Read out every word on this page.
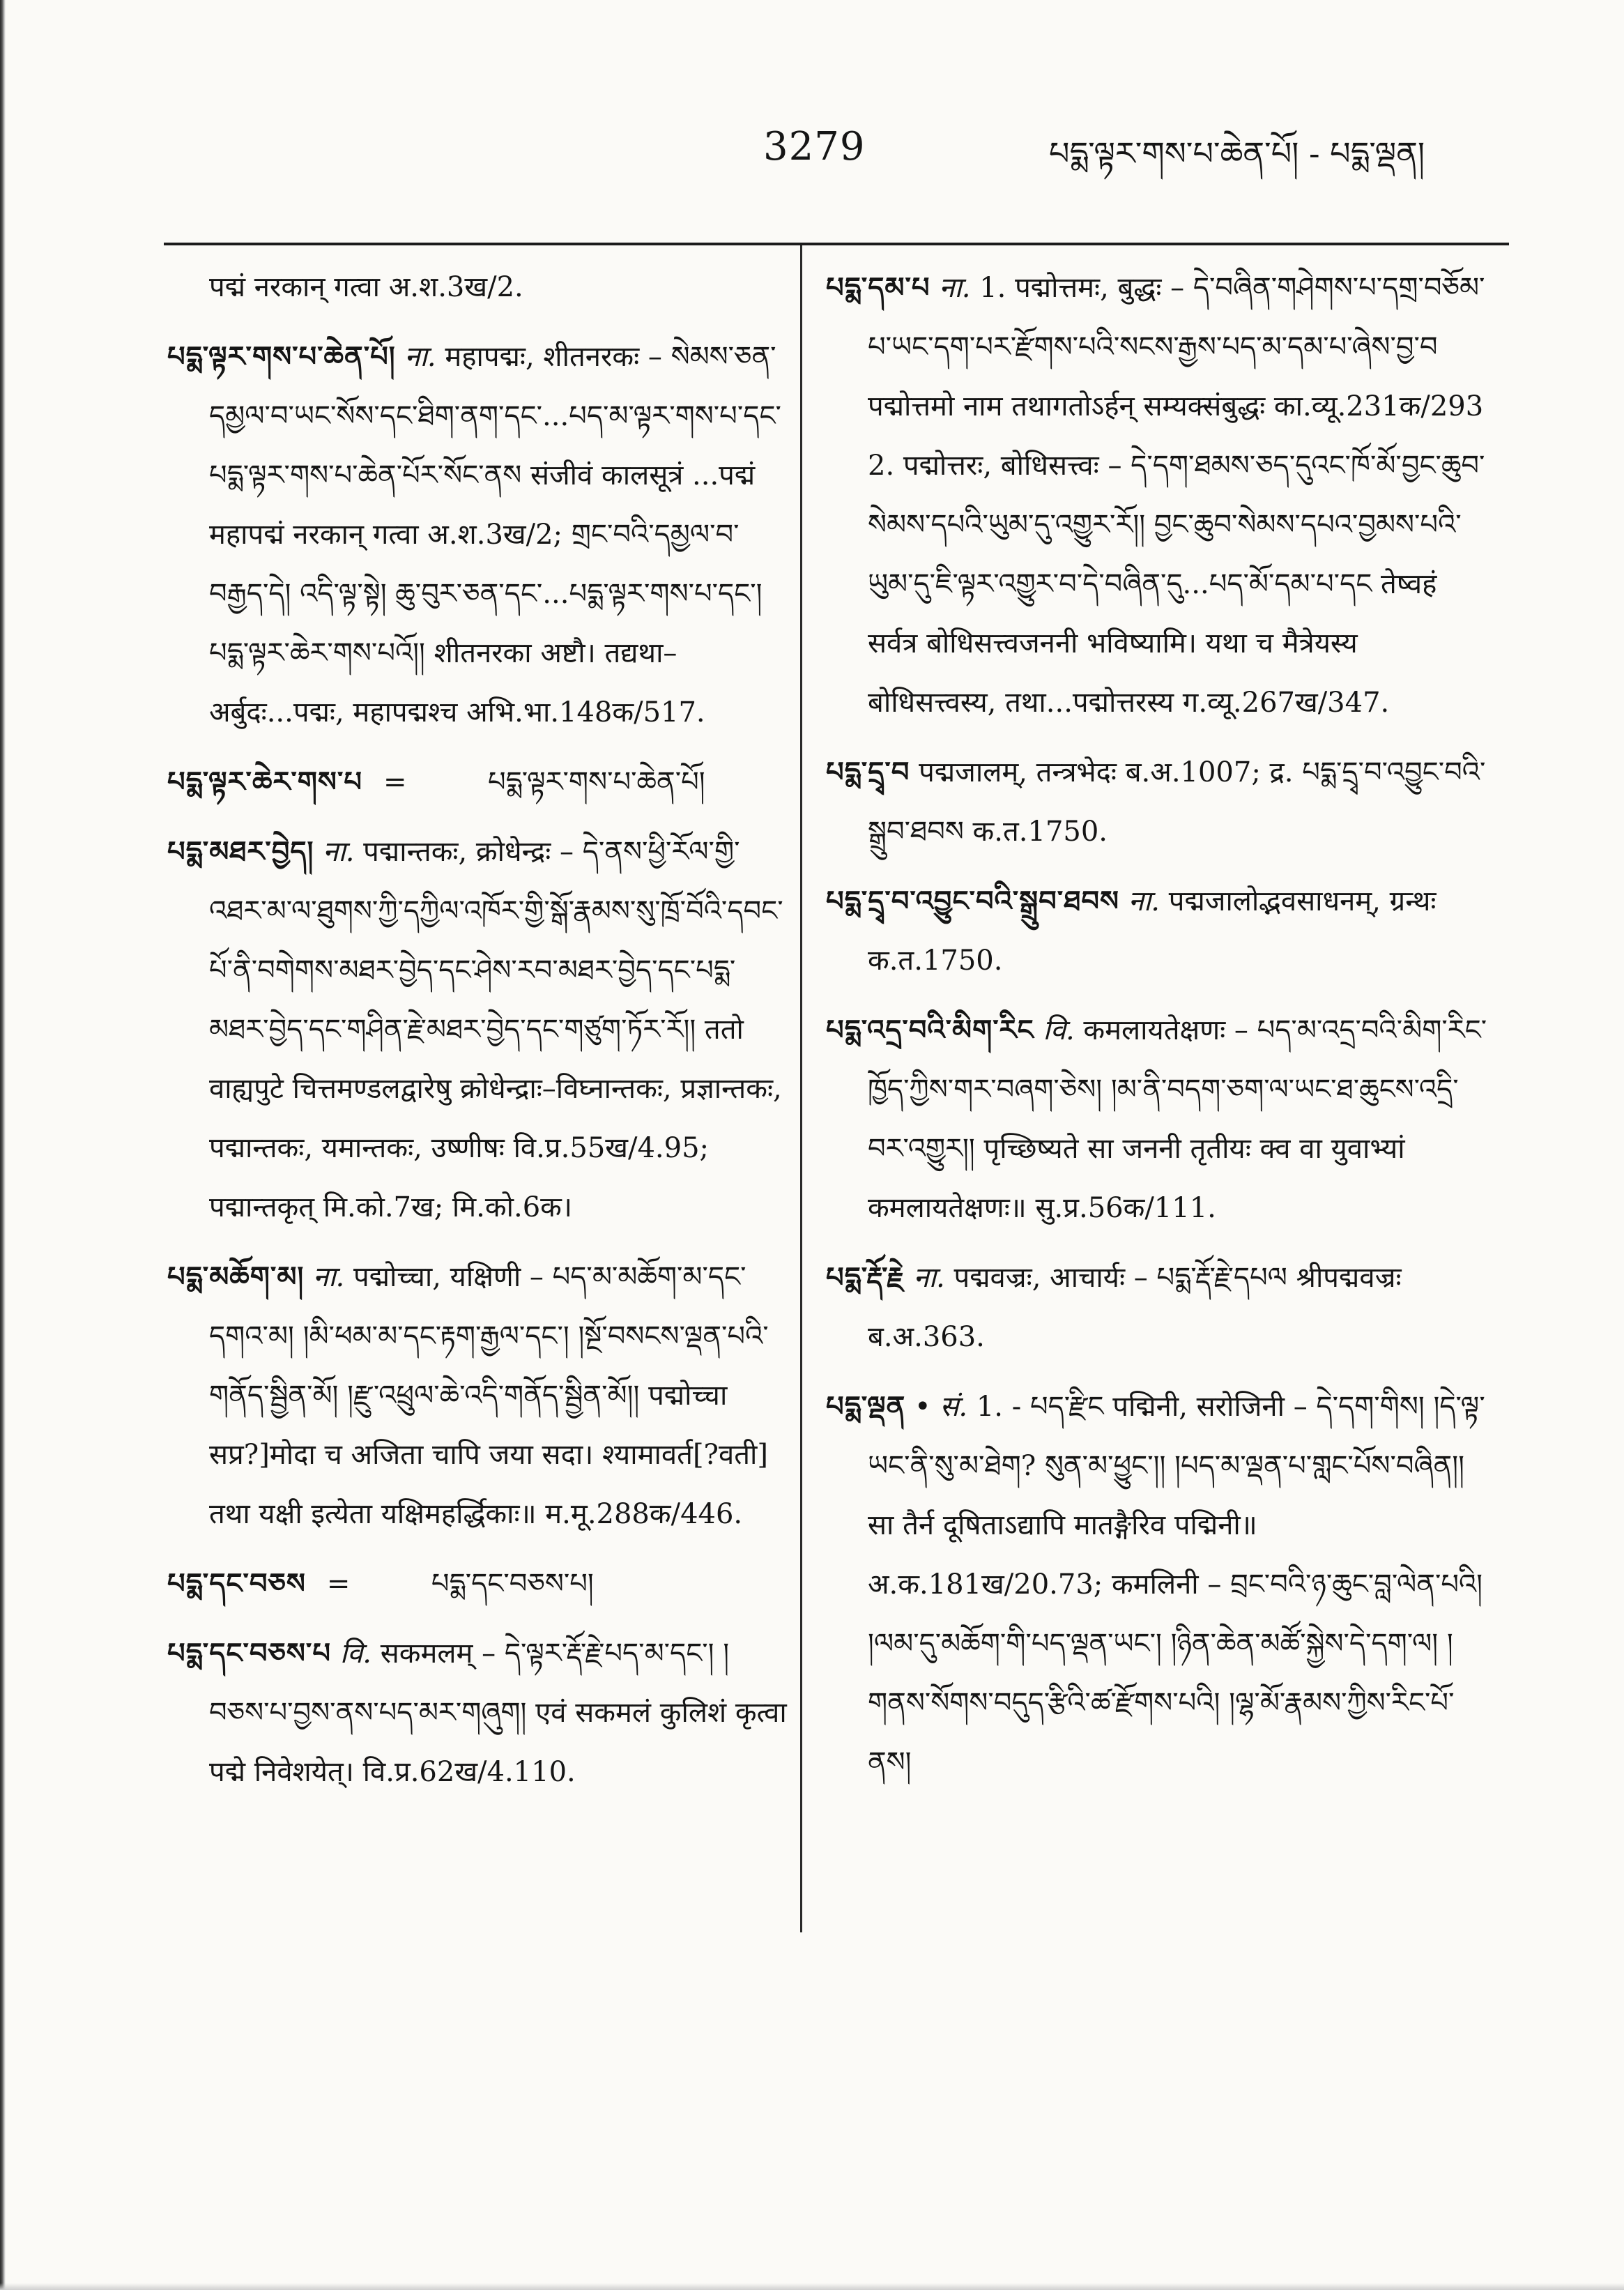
3279	པདྨ་ལྟར་གས་པ་ཆེན་པོ། - པདྨ་ལྡན།
पद्मं नरकान् गत्वा अ.श.3ख/2.
པདྨ་ལྟར་གས་པ་ཆེན་པོ། ना. महापद्मः, शीतनरकः – སེམས་ཅན་དམྱལ་བ་ཡང་སོས་དང་ཐིག་ནག་དང་...པད་མ་ལྟར་གས་པ་དང་པདྨ་ལྟར་གས་པ་ཆེན་པོར་སོང་ནས संजीवं कालसूत्रं ...पद्मं महापद्मं नरकान् गत्वा अ.श.3ख/2; གྲང་བའི་དམྱལ་བ་བརྒྱད་དེ། འདི་ལྟ་སྟེ། ཆུ་བུར་ཅན་དང་...པདྨ་ལྟར་གས་པ་དང་། པདྨ་ལྟར་ཆེར་གས་པའོ།། शीतनरका अष्टौ। तद्यथा–अर्बुदः...पद्मः, महापद्मश्च अभि.भा.148क/517.
པདྨ་ལྟར་ཆེར་གས་པ =	པདྨ་ལྟར་གས་པ་ཆེན་པོ།
པདྨ་མཐར་བྱེད། ना. पद्मान्तकः, क्रोधेन्द्रः – དེ་ནས་ཕྱི་རོལ་གྱི་འཐར་མ་ལ་ཐུགས་ཀྱི་དཀྱིལ་འཁོར་གྱི་སྒོ་རྣམས་སུ་ཁྲོ་བོའི་དབང་པོ་ནི་བགེགས་མཐར་བྱེད་དང་ཤེས་རབ་མཐར་བྱེད་དང་པདྨ་མཐར་བྱེད་དང་གཤིན་རྗེ་མཐར་བྱེད་དང་གཙུག་ཏོར་རོ།། ततो वाह्यपुटे चित्तमण्डलद्वारेषु क्रोधेन्द्राः–विघ्नान्तकः, प्रज्ञान्तकः, पद्मान्तकः, यमान्तकः, उष्णीषः वि.प्र.55ख/4.95; पद्मान्तकृत् मि.को.7ख; मि.को.6क।
པདྨ་མཆོག་མ། ना. पद्मोच्चा, यक्षिणी – པད་མ་མཆོག་མ་དང་དགའ་མ། །མི་ཕམ་མ་དང་རྟག་རྒྱལ་དང་། །སྔོ་བསངས་ལྡན་པའི་གནོད་སྦྱིན་མོ། །རྫུ་འཕྲུལ་ཆེ་འདི་གནོད་སྦྱིན་མོ།། पद्मोच्चा सप्र?]मोदा च अजिता चापि जया सदा। श्यामावर्त[?वती] तथा यक्षी इत्येता यक्षिमहर्द्धिकाः॥ म.मू.288क/446.
པདྨ་དང་བཅས =	པདྨ་དང་བཅས་པ།
པདྨ་དང་བཅས་པ वि. सकमलम् – དེ་ལྟར་རྡོ་རྗེ་པད་མ་དང་། །བཅས་པ་བྱས་ནས་པད་མར་གཞུག། एवं सकमलं कुलिशं कृत्वा पद्मे निवेशयेत्। वि.प्र.62ख/4.110.
པདྨ་དམ་པ ना. 1. पद्मोत्तमः, बुद्धः – དེ་བཞིན་གཤེགས་པ་དགྲ་བཅོམ་པ་ཡང་དག་པར་རྫོགས་པའི་སངས་རྒྱས་པད་མ་དམ་པ་ཞེས་བྱ་བ पद्मोत्तमो नाम तथागतोऽर्हन् सम्यक्संबुद्धः का.व्यू.231क/293 2. पद्मोत्तरः, बोधिसत्त्वः – དེ་དག་ཐམས་ཅད་དུའང་ཁོ་མོ་བྱང་ཆུབ་སེམས་དཔའི་ཡུམ་དུ་འགྱུར་རོ།། བྱང་ཆུབ་སེམས་དཔའ་བྱམས་པའི་ཡུམ་དུ་ཇི་ལྟར་འགྱུར་བ་དེ་བཞིན་དུ...པད་མོ་དམ་པ་དང तेष्वहं सर्वत्र बोधिसत्त्वजननी भविष्यामि। यथा च मैत्रेयस्य बोधिसत्त्वस्य, तथा...पद्मोत्तरस्य ग.व्यू.267ख/347.
པདྨ་དྲྭ་བ पद्मजालम्, तन्त्रभेदः ब.अ.1007; द्र. པདྨ་དྲྭ་བ་འབྱུང་བའི་སྒྲུབ་ཐབས क.त.1750.
པདྨ་དྲྭ་བ་འབྱུང་བའི་སྒྲུབ་ཐབས ना. पद्मजालोद्भवसाधनम्, ग्रन्थः क.त.1750.
པདྨ་འདྲ་བའི་མིག་རིང वि. कमलायतेक्षणः – པད་མ་འདྲ་བའི་མིག་རིང་ཁྱོད་ཀྱིས་གར་བཞག་ཅེས། །མ་ནི་བདག་ཅག་ལ་ཡང་ཐ་ཆུངས་འདྲི་བར་འགྱུར།། पृच्छिष्यते सा जननी तृतीयः क्व वा युवाभ्यां कमलायतेक्षणः॥ सु.प्र.56क/111.
པདྨ་རྡོ་རྗེ ना. पद्मवज्रः, आचार्यः – པདྨ་རྡོ་རྗེ་དཔལ श्रीपद्मवज्रः ब.अ.363.
པདྨ་ལྡན • सं. 1. - པད་རྫིང पद्मिनी, सरोजिनी – དེ་དག་གིས། །དེ་ལྟ་ཡང་ནི་སུ་མ་ཐེག? སུན་མ་ཕྱུང་།། །པད་མ་ལྡན་པ་གླང་པོས་བཞིན།། सा तैर्न दूषिताऽद्यापि मातङ्गैरिव पद्मिनी॥ अ.क.181ख/20.73; कमलिनी – བྲང་བའི་ཉ་ཆུང་བླ་ལེན་པའི། །ལམ་དུ་མཆོག་གི་པད་ལྡན་ཡང་། །ཉིན་ཆེན་མཚོ་སྐྱེས་དེ་དག་ལ། །གནས་སོགས་བདུད་རྩིའི་ཚ་རྫོགས་པའི། །ལྷ་མོ་རྣམས་ཀྱིས་རིང་པོ་ནས།
